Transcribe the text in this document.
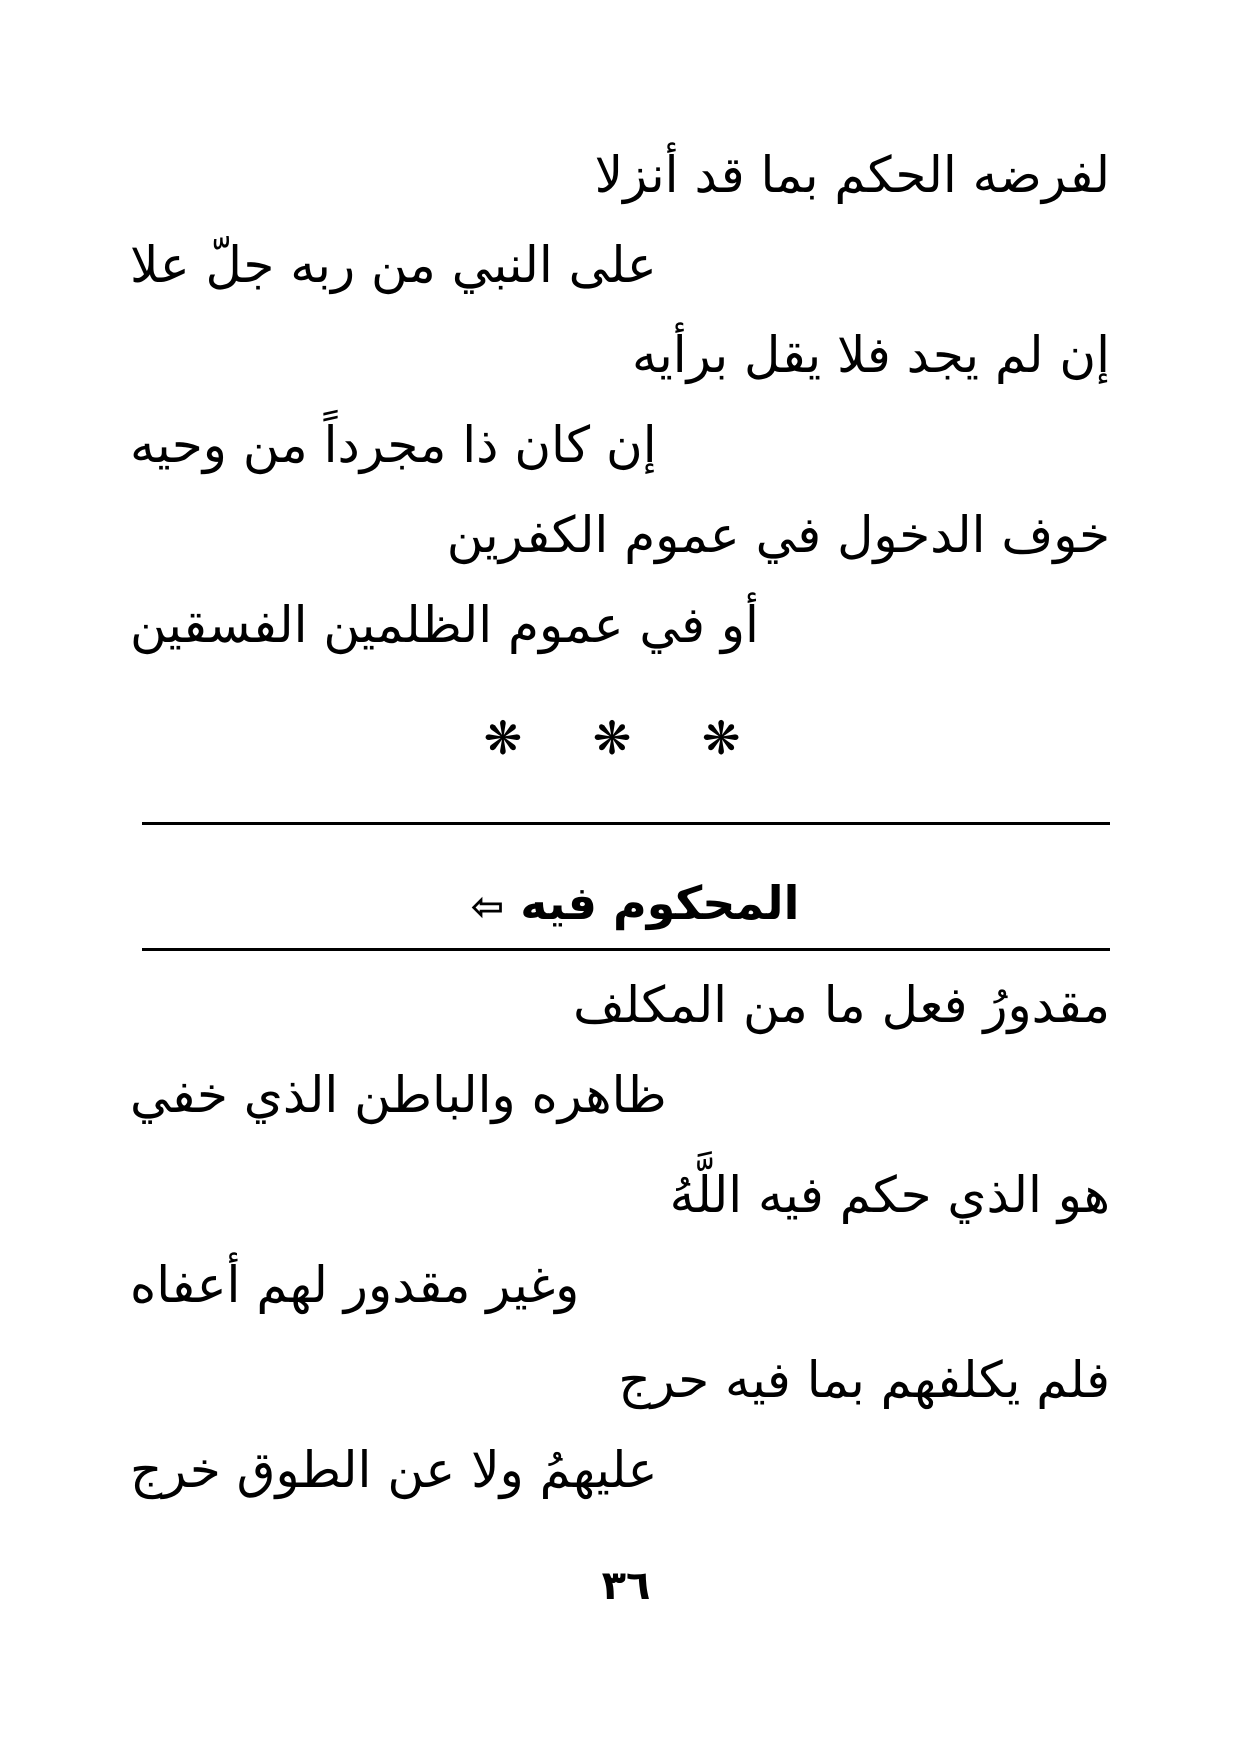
لفرضه الحكم بما قد أنزلا
على النبي من ربه جلّ علا
إن لم يجد فلا يقل برأيه
إن كان ذا مجرداً من وحيه
خوف الدخول في عموم الكفرين
أو في عموم الظلمين الفسقين
❋ ❋ ❋
المحكوم فيه ⇦
مقدورُ فعل ما من المكلف
ظاهره والباطن الذي خفي
هو الذي حكم فيه اللَّهُ
وغير مقدور لهم أعفاه
فلم يكلفهم بما فيه حرج
عليهمُ ولا عن الطوق خرج
٣٦
